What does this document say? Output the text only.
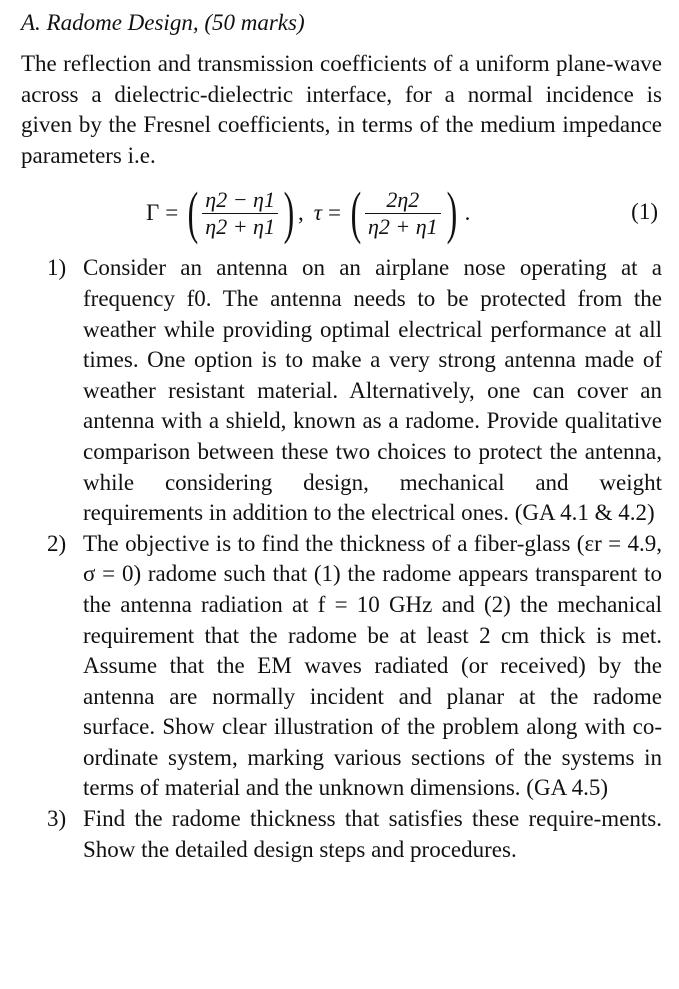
A. Radome Design, (50 marks)

The reflection and transmission coefficients of a uniform plane-wave across a dielectric-dielectric interface, for a normal incidence is given by the Fresnel coefficients, in terms of the medium impedance parameters i.e.

Γ = ( $\frac{\eta 2 - \eta 1}{\eta 2 + \eta 1}$ ) , τ = ( $\frac{2\eta 2}{\eta 2 + \eta 1}$ ) .	(1)
1) Consider an antenna on an airplane nose operating at a frequency f0. The antenna needs to be protected from the weather while providing optimal electrical performance at all times. One option is to make a very strong antenna made of weather resistant material. Alternatively, one can cover an antenna with a shield, known as a radome. Provide qualitative comparison between these two choices to protect the antenna, while considering design, mechanical and weight requirements in addition to the electrical ones. (GA 4.1 & 4.2)

2) The objective is to find the thickness of a fiber-glass (εr = 4.9, σ = 0) radome such that (1) the radome appears transparent to the antenna radiation at f = 10 GHz and (2) the mechanical requirement that the radome be at least 2 cm thick is met. Assume that the EM waves radiated (or received) by the antenna are normally incident and planar at the radome surface. Show clear illustration of the problem along with co-ordinate system, marking various sections of the systems in terms of material and the unknown dimensions. (GA 4.5)

3) Find the radome thickness that satisfies these require-ments. Show the detailed design steps and procedures.
